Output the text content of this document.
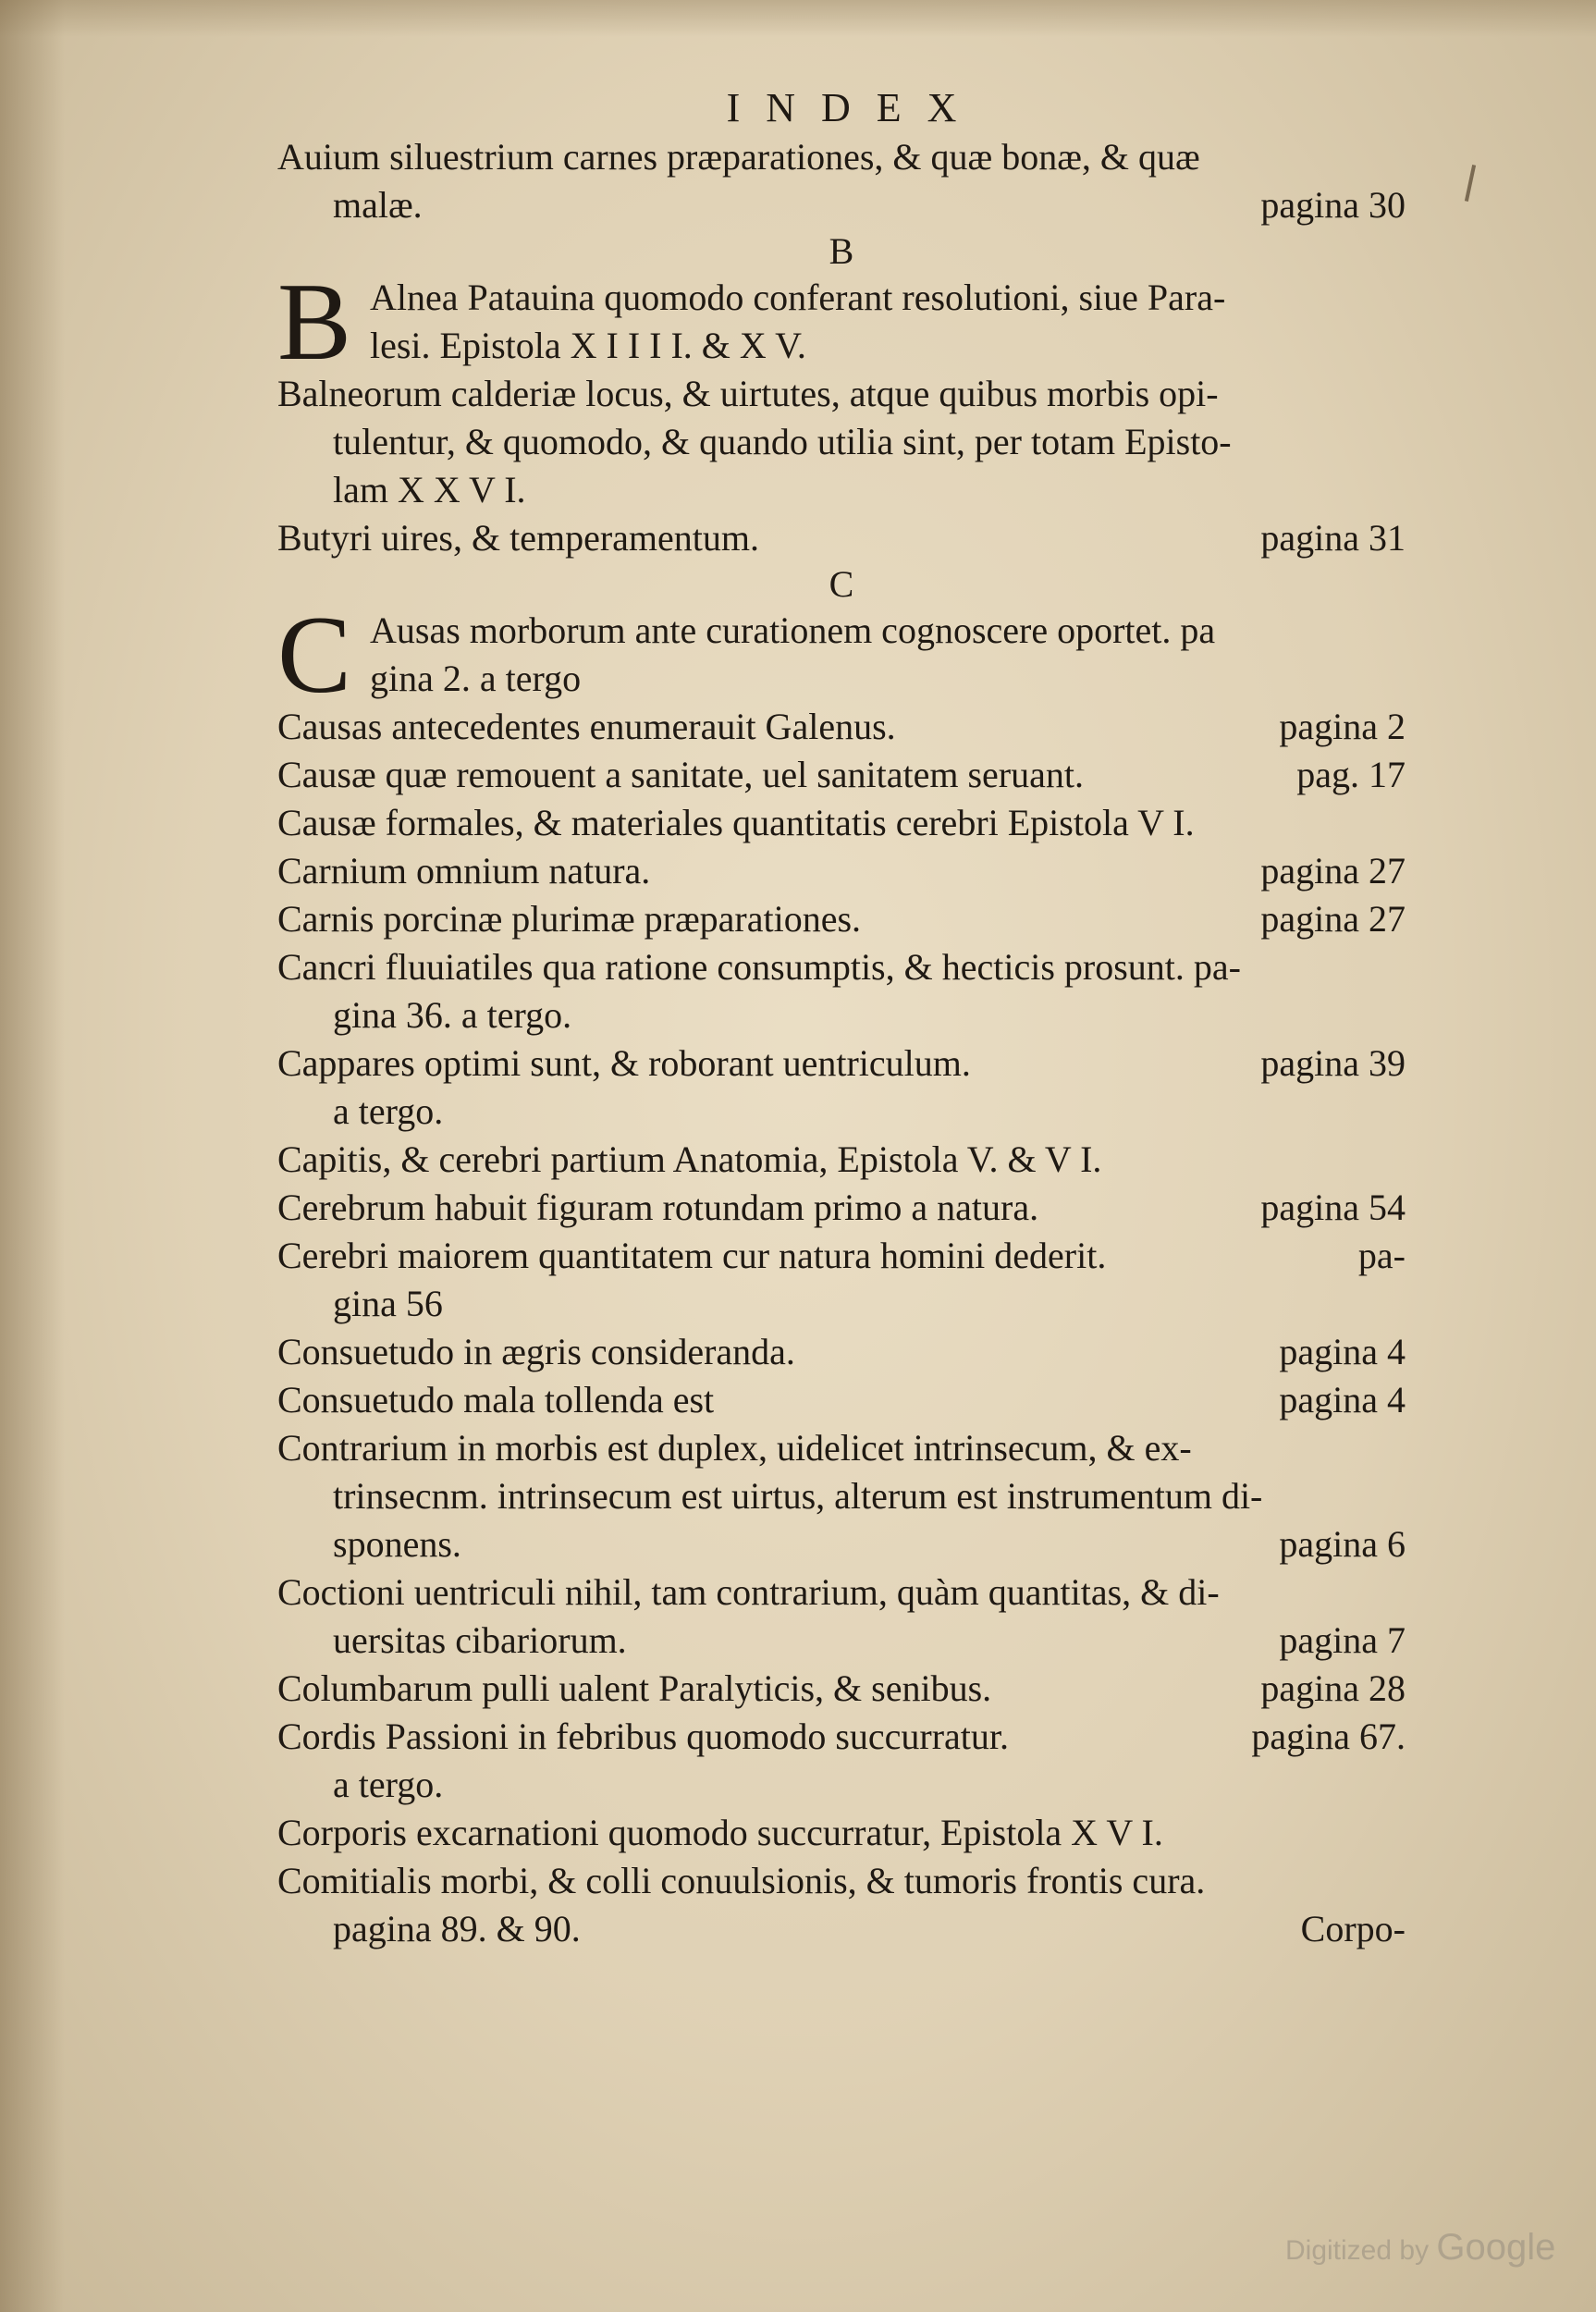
INDEX
Auium siluestrium carnes præparationes, & quæ bonæ, & quæ
malæ.	pagina 30
B
B Alnea Patauina quomodo conferant resolutioni, siue Para-
lesi. Epistola X I I I I. & X V.
Balneorum calderiæ locus, & uirtutes, atque quibus morbis opi-
tulentur, & quomodo, & quando utilia sint, per totam Episto-
lam X X V I.
Butyri uires, & temperamentum.	pagina 31
C
C Ausas morborum ante curationem cognoscere oportet. pa
gina 2. a tergo
Causas antecedentes enumerauit Galenus.	pagina 2
Causæ quæ remouent a sanitate, uel sanitatem seruant.	pag. 17
Causæ formales, & materiales quantitatis cerebri Epistola V I.
Carnium omnium natura.	pagina 27
Carnis porcinæ plurimæ præparationes.	pagina 27
Cancri fluuiatiles qua ratione consumptis, & hecticis prosunt. pa-
gina 36. a tergo.
Cappares optimi sunt, & roborant uentriculum.	pagina 39
a tergo.
Capitis, & cerebri partium Anatomia, Epistola V. & V I.
Cerebrum habuit figuram rotundam primo a natura.	pagina 54
Cerebri maiorem quantitatem cur natura homini dederit.	pa-
gina 56
Consuetudo in ægris consideranda.	pagina 4
Consuetudo mala tollenda est	pagina 4
Contrarium in morbis est duplex, uidelicet intrinsecum, & ex-
trinsecnm. intrinsecum est uirtus, alterum est instrumentum di-
sponens.	pagina 6
Coctioni uentriculi nihil, tam contrarium, quàm quantitas, & di-
uersitas cibariorum.	pagina 7
Columbarum pulli ualent Paralyticis, & senibus.	pagina 28
Cordis Passioni in febribus quomodo succurratur.	pagina 67.
a tergo.
Corporis excarnationi quomodo succurratur, Epistola X V I.
Comitialis morbi, & colli conuulsionis, & tumoris frontis cura.
pagina 89. & 90.	Corpo-
Digitized by Google
